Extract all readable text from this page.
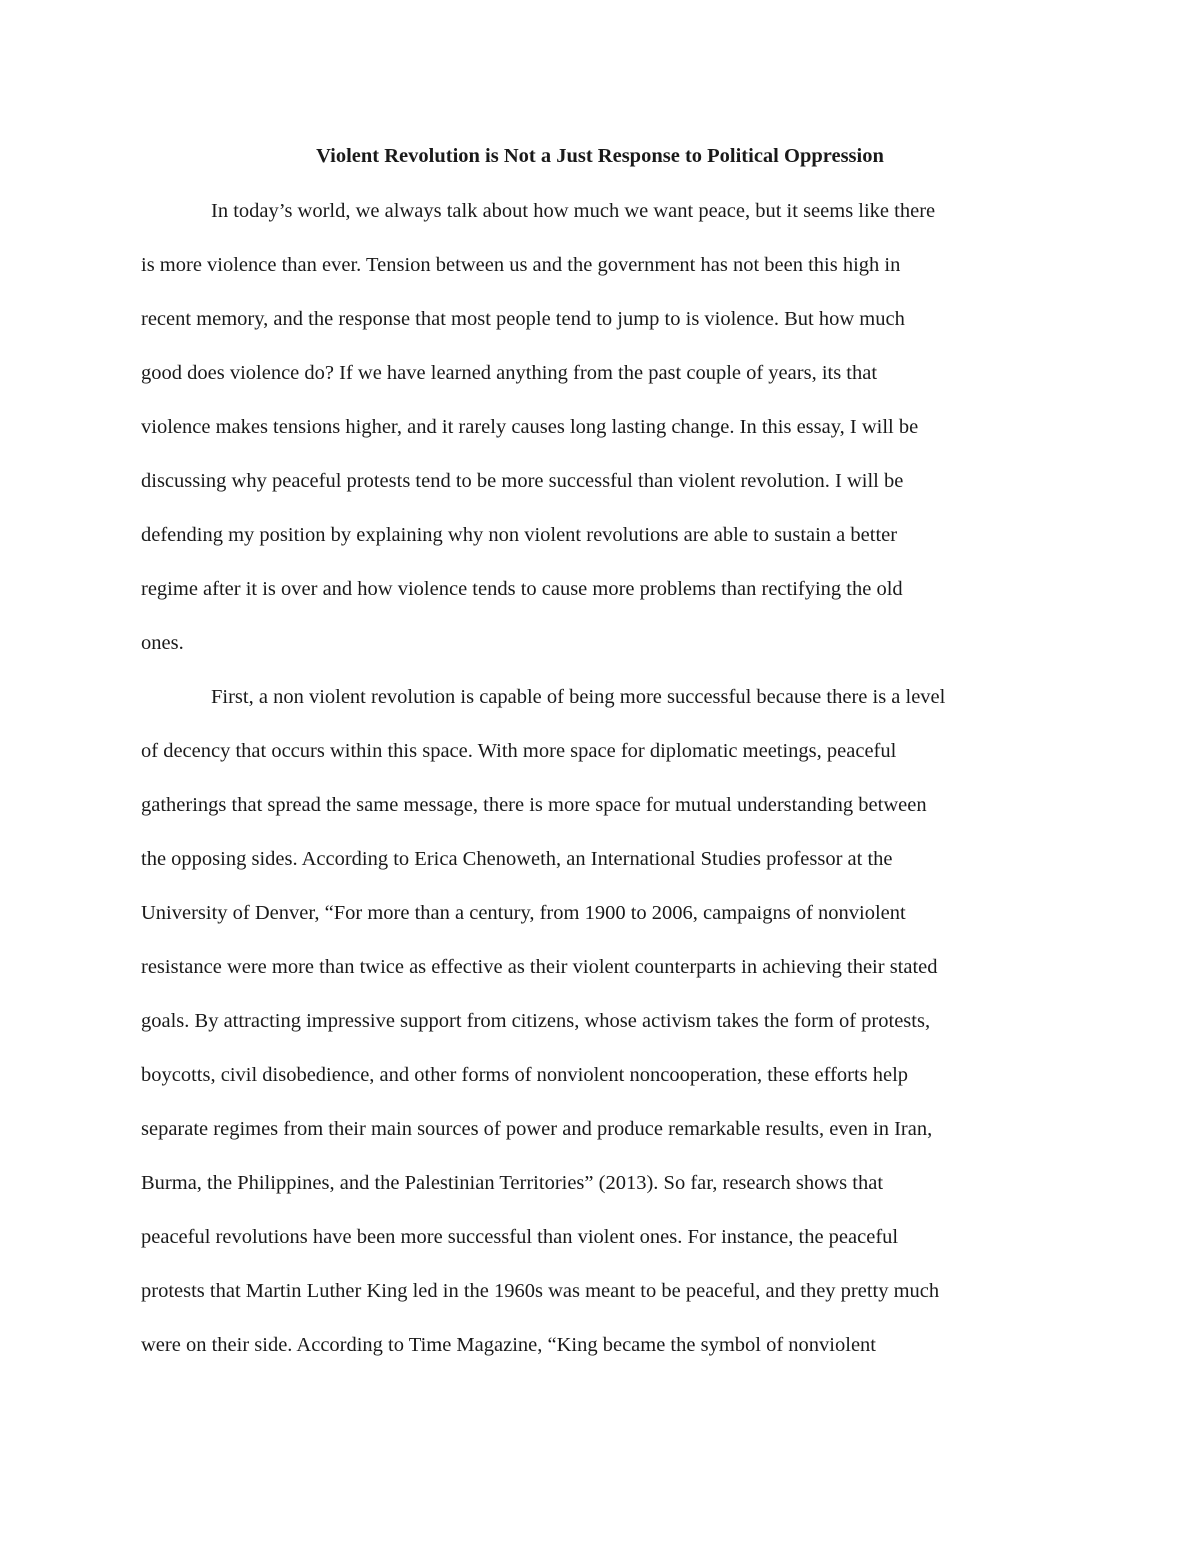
Violent Revolution is Not a Just Response to Political Oppression
In today’s world, we always talk about how much we want peace, but it seems like there
is more violence than ever. Tension between us and the government has not been this high in
recent memory, and the response that most people tend to jump to is violence. But how much
good does violence do? If we have learned anything from the past couple of years, its that
violence makes tensions higher, and it rarely causes long lasting change. In this essay, I will be
discussing why peaceful protests tend to be more successful than violent revolution. I will be
defending my position by explaining why non violent revolutions are able to sustain a better
regime after it is over and how violence tends to cause more problems than rectifying the old
ones.
First, a non violent revolution is capable of being more successful because there is a level
of decency that occurs within this space. With more space for diplomatic meetings, peaceful
gatherings that spread the same message, there is more space for mutual understanding between
the opposing sides. According to Erica Chenoweth, an International Studies professor at the
University of Denver, “For more than a century, from 1900 to 2006, campaigns of nonviolent
resistance were more than twice as effective as their violent counterparts in achieving their stated
goals. By attracting impressive support from citizens, whose activism takes the form of protests,
boycotts, civil disobedience, and other forms of nonviolent noncooperation, these efforts help
separate regimes from their main sources of power and produce remarkable results, even in Iran,
Burma, the Philippines, and the Palestinian Territories” (2013). So far, research shows that
peaceful revolutions have been more successful than violent ones. For instance, the peaceful
protests that Martin Luther King led in the 1960s was meant to be peaceful, and they pretty much
were on their side. According to Time Magazine, “King became the symbol of nonviolent
